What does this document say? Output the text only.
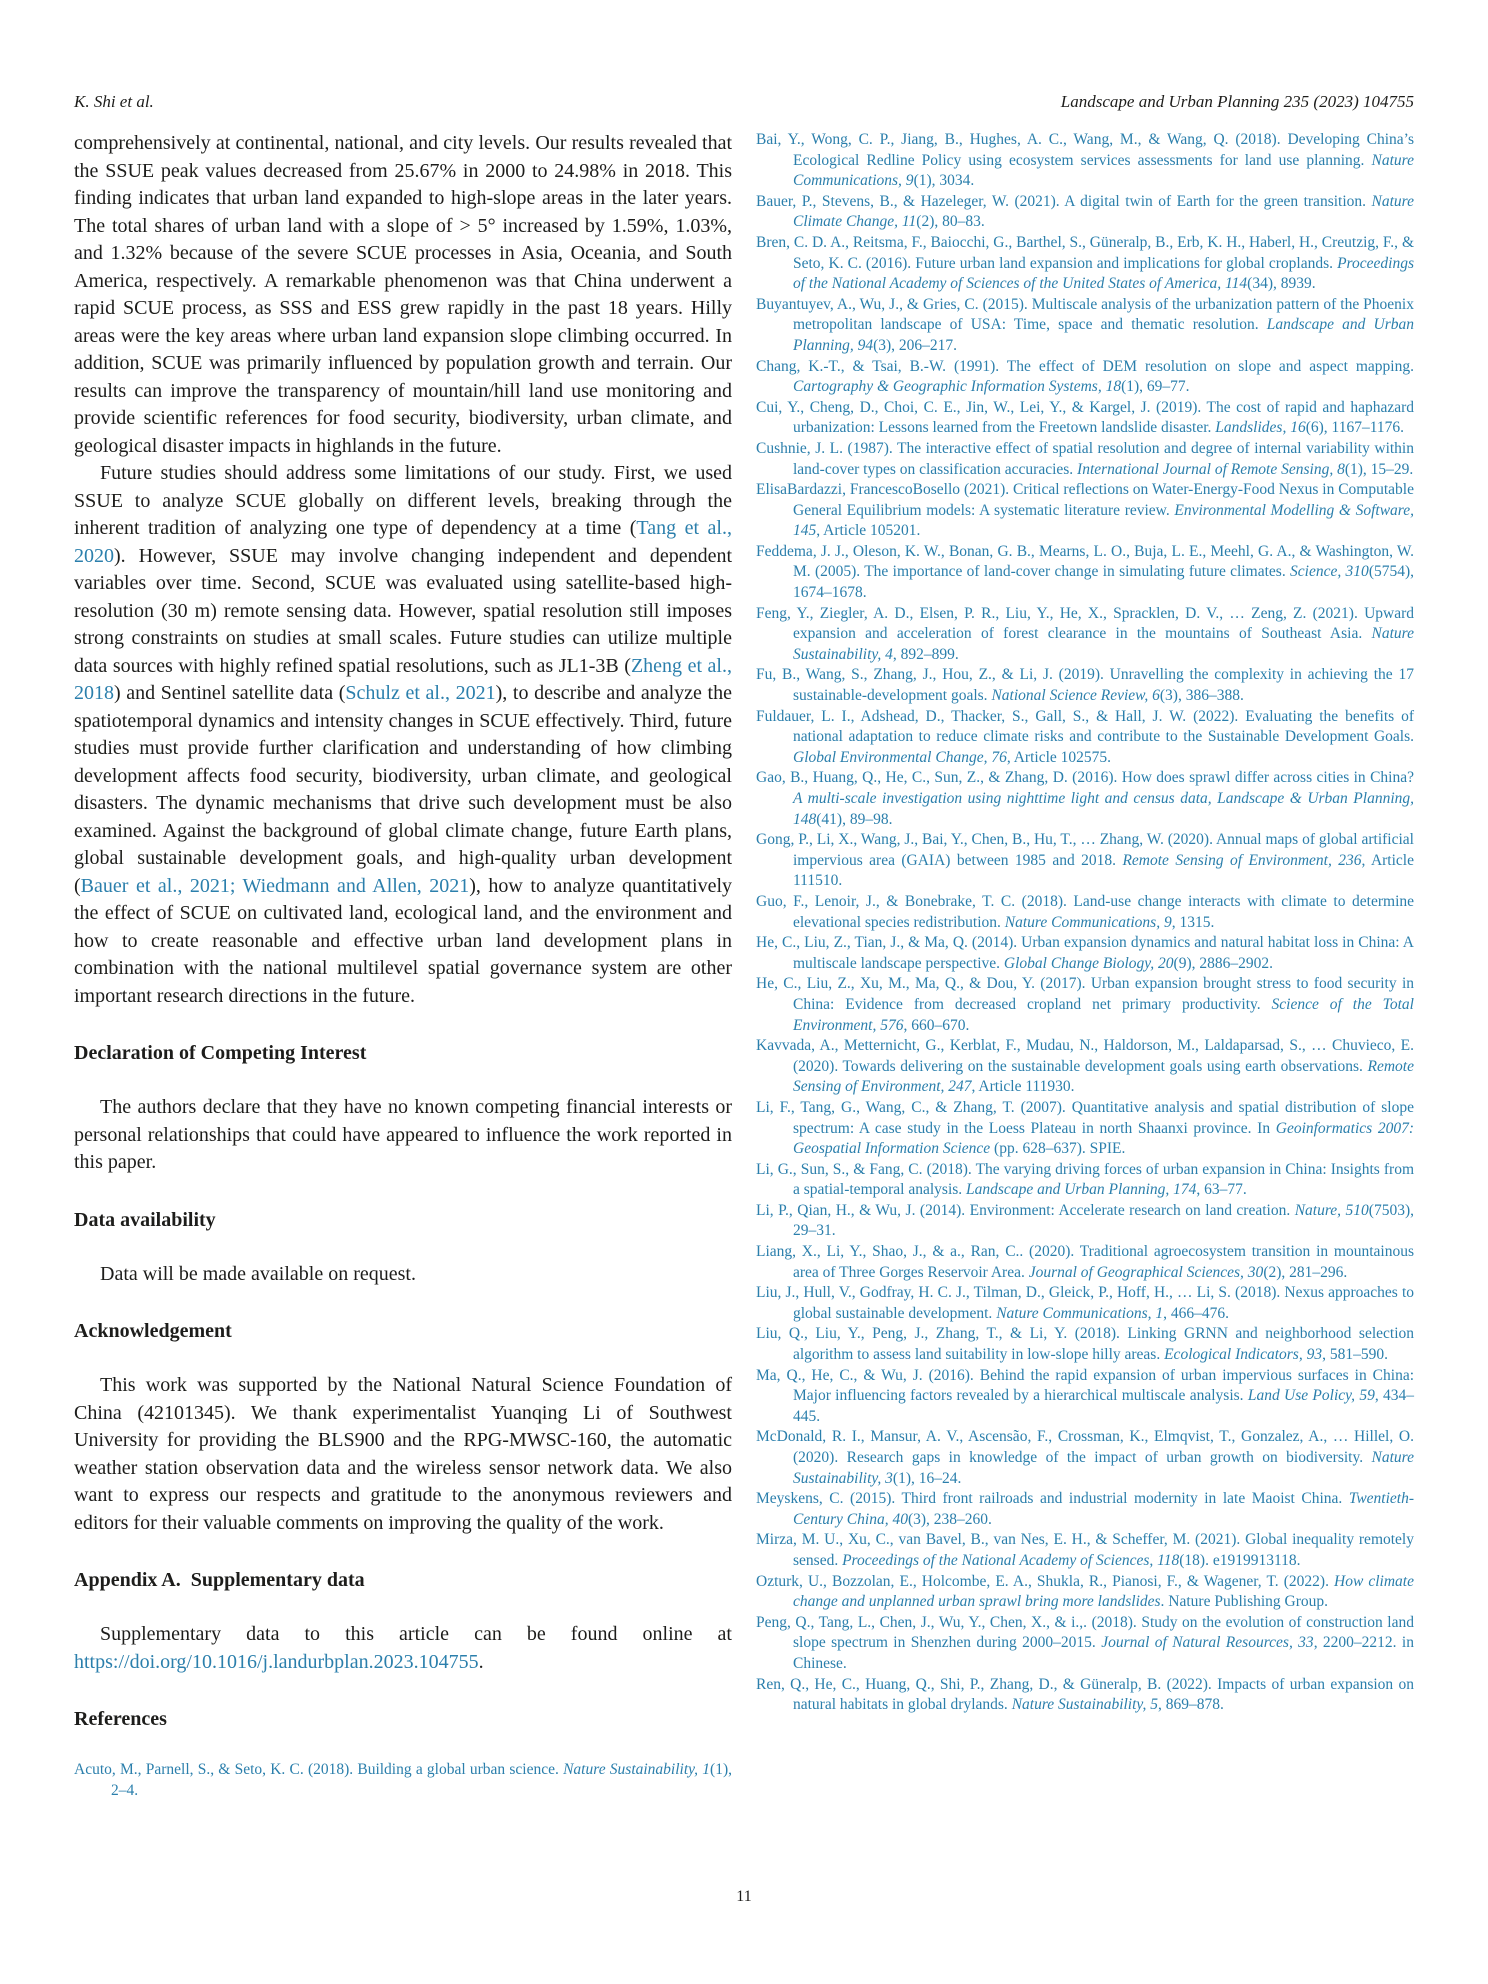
K. Shi et al.	Landscape and Urban Planning 235 (2023) 104755

comprehensively at continental, national, and city levels. Our results revealed that the SSUE peak values decreased from 25.67% in 2000 to 24.98% in 2018. This finding indicates that urban land expanded to high-slope areas in the later years. The total shares of urban land with a slope of > 5° increased by 1.59%, 1.03%, and 1.32% because of the severe SCUE processes in Asia, Oceania, and South America, respectively. A remarkable phenomenon was that China underwent a rapid SCUE process, as SSS and ESS grew rapidly in the past 18 years. Hilly areas were the key areas where urban land expansion slope climbing occurred. In addition, SCUE was primarily influenced by population growth and terrain. Our results can improve the transparency of mountain/hill land use monitoring and provide scientific references for food security, biodiversity, urban climate, and geological disaster impacts in highlands in the future.

Future studies should address some limitations of our study. First, we used SSUE to analyze SCUE globally on different levels, breaking through the inherent tradition of analyzing one type of dependency at a time (Tang et al., 2020). However, SSUE may involve changing independent and dependent variables over time. Second, SCUE was evaluated using satellite-based high-resolution (30 m) remote sensing data. However, spatial resolution still imposes strong constraints on studies at small scales. Future studies can utilize multiple data sources with highly refined spatial resolutions, such as JL1-3B (Zheng et al., 2018) and Sentinel satellite data (Schulz et al., 2021), to describe and analyze the spatiotemporal dynamics and intensity changes in SCUE effectively. Third, future studies must provide further clarification and understanding of how climbing development affects food security, biodiversity, urban climate, and geological disasters. The dynamic mechanisms that drive such development must be also examined. Against the background of global climate change, future Earth plans, global sustainable development goals, and high-quality urban development (Bauer et al., 2021; Wiedmann and Allen, 2021), how to analyze quantitatively the effect of SCUE on cultivated land, ecological land, and the environment and how to create reasonable and effective urban land development plans in combination with the national multilevel spatial governance system are other important research directions in the future.

Declaration of Competing Interest

The authors declare that they have no known competing financial interests or personal relationships that could have appeared to influence the work reported in this paper.

Data availability

Data will be made available on request.

Acknowledgement

This work was supported by the National Natural Science Foundation of China (42101345). We thank experimentalist Yuanqing Li of Southwest University for providing the BLS900 and the RPG-MWSC-160, the automatic weather station observation data and the wireless sensor network data. We also want to express our respects and gratitude to the anonymous reviewers and editors for their valuable comments on improving the quality of the work.

Appendix A.  Supplementary data

Supplementary data to this article can be found online at https://doi.org/10.1016/j.landurbplan.2023.104755.

References

Acuto, M., Parnell, S., & Seto, K. C. (2018). Building a global urban science. Nature Sustainability, 1(1), 2–4.

Bai, Y., Wong, C. P., Jiang, B., Hughes, A. C., Wang, M., & Wang, Q. (2018). Developing China’s Ecological Redline Policy using ecosystem services assessments for land use planning. Nature Communications, 9(1), 3034.

Bauer, P., Stevens, B., & Hazeleger, W. (2021). A digital twin of Earth for the green transition. Nature Climate Change, 11(2), 80–83.

Bren, C. D. A., Reitsma, F., Baiocchi, G., Barthel, S., Güneralp, B., Erb, K. H., Haberl, H., Creutzig, F., & Seto, K. C. (2016). Future urban land expansion and implications for global croplands. Proceedings of the National Academy of Sciences of the United States of America, 114(34), 8939.

Buyantuyev, A., Wu, J., & Gries, C. (2015). Multiscale analysis of the urbanization pattern of the Phoenix metropolitan landscape of USA: Time, space and thematic resolution. Landscape and Urban Planning, 94(3), 206–217.

Chang, K.-T., & Tsai, B.-W. (1991). The effect of DEM resolution on slope and aspect mapping. Cartography & Geographic Information Systems, 18(1), 69–77.

Cui, Y., Cheng, D., Choi, C. E., Jin, W., Lei, Y., & Kargel, J. (2019). The cost of rapid and haphazard urbanization: Lessons learned from the Freetown landslide disaster. Landslides, 16(6), 1167–1176.

Cushnie, J. L. (1987). The interactive effect of spatial resolution and degree of internal variability within land-cover types on classification accuracies. International Journal of Remote Sensing, 8(1), 15–29.

ElisaBardazzi, FrancescoBosello (2021). Critical reflections on Water-Energy-Food Nexus in Computable General Equilibrium models: A systematic literature review. Environmental Modelling & Software, 145, Article 105201.

Feddema, J. J., Oleson, K. W., Bonan, G. B., Mearns, L. O., Buja, L. E., Meehl, G. A., & Washington, W. M. (2005). The importance of land-cover change in simulating future climates. Science, 310(5754), 1674–1678.

Feng, Y., Ziegler, A. D., Elsen, P. R., Liu, Y., He, X., Spracklen, D. V., … Zeng, Z. (2021). Upward expansion and acceleration of forest clearance in the mountains of Southeast Asia. Nature Sustainability, 4, 892–899.

Fu, B., Wang, S., Zhang, J., Hou, Z., & Li, J. (2019). Unravelling the complexity in achieving the 17 sustainable-development goals. National Science Review, 6(3), 386–388.

Fuldauer, L. I., Adshead, D., Thacker, S., Gall, S., & Hall, J. W. (2022). Evaluating the benefits of national adaptation to reduce climate risks and contribute to the Sustainable Development Goals. Global Environmental Change, 76, Article 102575.

Gao, B., Huang, Q., He, C., Sun, Z., & Zhang, D. (2016). How does sprawl differ across cities in China? A multi-scale investigation using nighttime light and census data, Landscape & Urban Planning, 148(41), 89–98.

Gong, P., Li, X., Wang, J., Bai, Y., Chen, B., Hu, T., … Zhang, W. (2020). Annual maps of global artificial impervious area (GAIA) between 1985 and 2018. Remote Sensing of Environment, 236, Article 111510.

Guo, F., Lenoir, J., & Bonebrake, T. C. (2018). Land-use change interacts with climate to determine elevational species redistribution. Nature Communications, 9, 1315.

He, C., Liu, Z., Tian, J., & Ma, Q. (2014). Urban expansion dynamics and natural habitat loss in China: A multiscale landscape perspective. Global Change Biology, 20(9), 2886–2902.

He, C., Liu, Z., Xu, M., Ma, Q., & Dou, Y. (2017). Urban expansion brought stress to food security in China: Evidence from decreased cropland net primary productivity. Science of the Total Environment, 576, 660–670.

Kavvada, A., Metternicht, G., Kerblat, F., Mudau, N., Haldorson, M., Laldaparsad, S., … Chuvieco, E. (2020). Towards delivering on the sustainable development goals using earth observations. Remote Sensing of Environment, 247, Article 111930.

Li, F., Tang, G., Wang, C., & Zhang, T. (2007). Quantitative analysis and spatial distribution of slope spectrum: A case study in the Loess Plateau in north Shaanxi province. In Geoinformatics 2007: Geospatial Information Science (pp. 628–637). SPIE.

Li, G., Sun, S., & Fang, C. (2018). The varying driving forces of urban expansion in China: Insights from a spatial-temporal analysis. Landscape and Urban Planning, 174, 63–77.

Li, P., Qian, H., & Wu, J. (2014). Environment: Accelerate research on land creation. Nature, 510(7503), 29–31.

Liang, X., Li, Y., Shao, J., & a., Ran, C.. (2020). Traditional agroecosystem transition in mountainous area of Three Gorges Reservoir Area. Journal of Geographical Sciences, 30(2), 281–296.

Liu, J., Hull, V., Godfray, H. C. J., Tilman, D., Gleick, P., Hoff, H., … Li, S. (2018). Nexus approaches to global sustainable development. Nature Communications, 1, 466–476.

Liu, Q., Liu, Y., Peng, J., Zhang, T., & Li, Y. (2018). Linking GRNN and neighborhood selection algorithm to assess land suitability in low-slope hilly areas. Ecological Indicators, 93, 581–590.

Ma, Q., He, C., & Wu, J. (2016). Behind the rapid expansion of urban impervious surfaces in China: Major influencing factors revealed by a hierarchical multiscale analysis. Land Use Policy, 59, 434–445.

McDonald, R. I., Mansur, A. V., Ascensão, F., Crossman, K., Elmqvist, T., Gonzalez, A., … Hillel, O. (2020). Research gaps in knowledge of the impact of urban growth on biodiversity. Nature Sustainability, 3(1), 16–24.

Meyskens, C. (2015). Third front railroads and industrial modernity in late Maoist China. Twentieth-Century China, 40(3), 238–260.

Mirza, M. U., Xu, C., van Bavel, B., van Nes, E. H., & Scheffer, M. (2021). Global inequality remotely sensed. Proceedings of the National Academy of Sciences, 118(18). e1919913118.

Ozturk, U., Bozzolan, E., Holcombe, E. A., Shukla, R., Pianosi, F., & Wagener, T. (2022). How climate change and unplanned urban sprawl bring more landslides. Nature Publishing Group.

Peng, Q., Tang, L., Chen, J., Wu, Y., Chen, X., & i.,. (2018). Study on the evolution of construction land slope spectrum in Shenzhen during 2000–2015. Journal of Natural Resources, 33, 2200–2212. in Chinese.

Ren, Q., He, C., Huang, Q., Shi, P., Zhang, D., & Güneralp, B. (2022). Impacts of urban expansion on natural habitats in global drylands. Nature Sustainability, 5, 869–878.

11
